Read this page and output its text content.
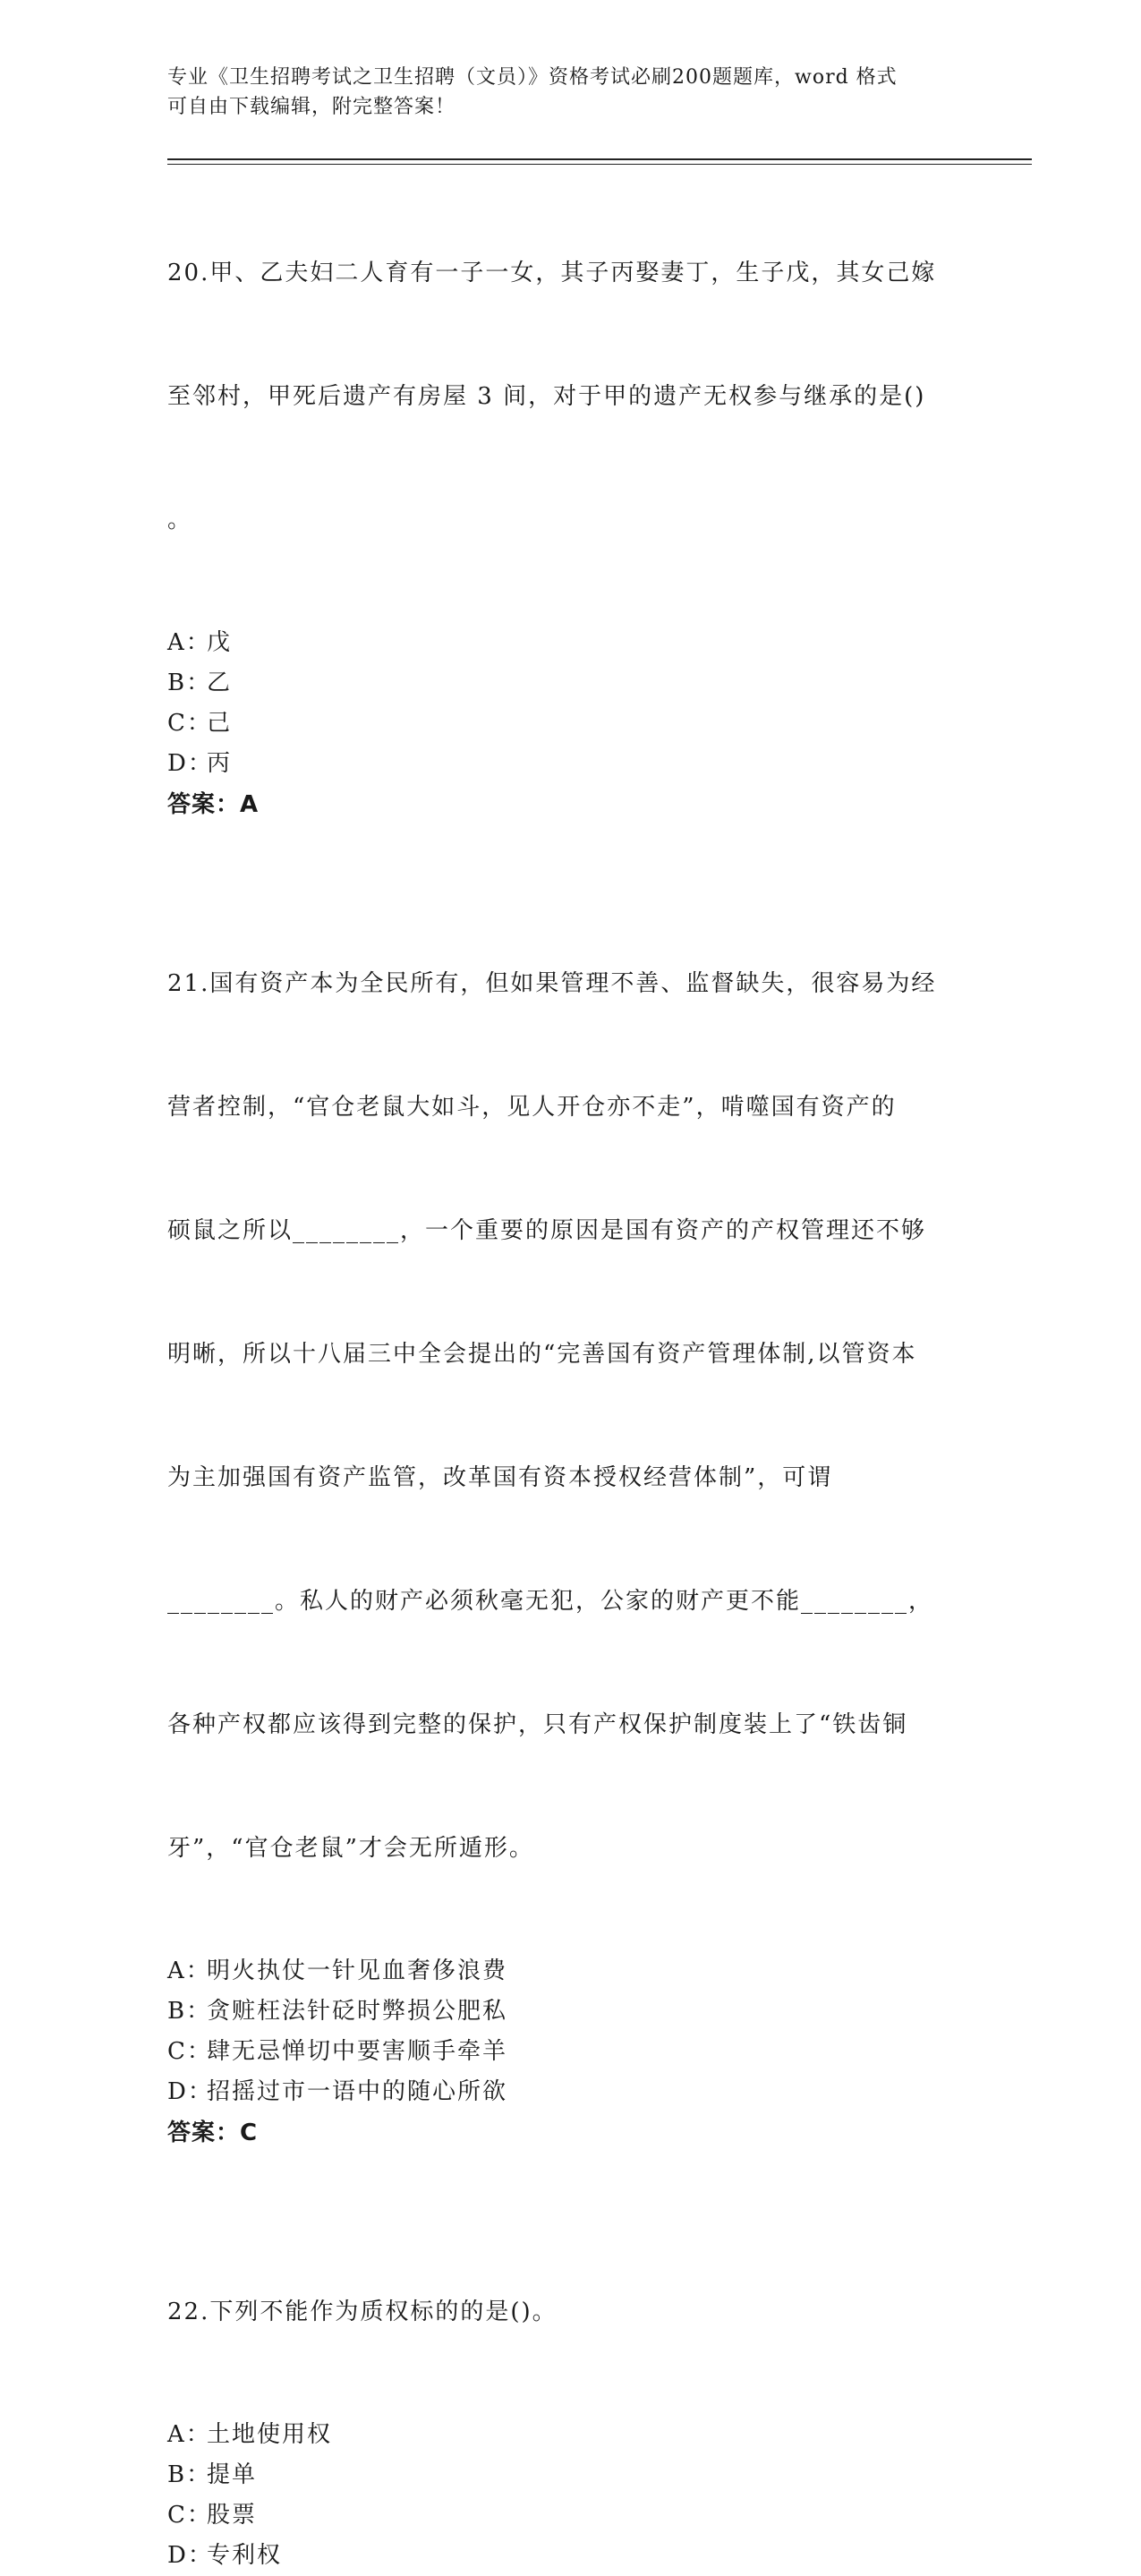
专业《卫生招聘考试之卫生招聘（文员）》资格考试必刷200题题库，word 格式
可自由下载编辑，附完整答案！

20.甲、乙夫妇二人育有一子一女，其子丙娶妻丁，生子戊，其女己嫁

至邻村，甲死后遗产有房屋 3 间，对于甲的遗产无权参与继承的是()

。

A：戊
B：乙
C：己
D：丙
答案：A

21.国有资产本为全民所有，但如果管理不善、监督缺失，很容易为经

营者控制，“官仓老鼠大如斗，见人开仓亦不走”，啃噬国有资产的

硕鼠之所以________，一个重要的原因是国有资产的产权管理还不够

明晰，所以十八届三中全会提出的“完善国有资产管理体制,以管资本

为主加强国有资产监管，改革国有资本授权经营体制”，可谓

________。私人的财产必须秋毫无犯，公家的财产更不能________，

各种产权都应该得到完整的保护，只有产权保护制度装上了“铁齿铜

牙”，“官仓老鼠”才会无所遁形。

A：明火执仗一针见血奢侈浪费
B：贪赃枉法针砭时弊损公肥私
C：肆无忌惮切中要害顺手牵羊
D：招摇过市一语中的随心所欲
答案：C

22.下列不能作为质权标的的是()。

A：土地使用权
B：提单
C：股票
D：专利权
